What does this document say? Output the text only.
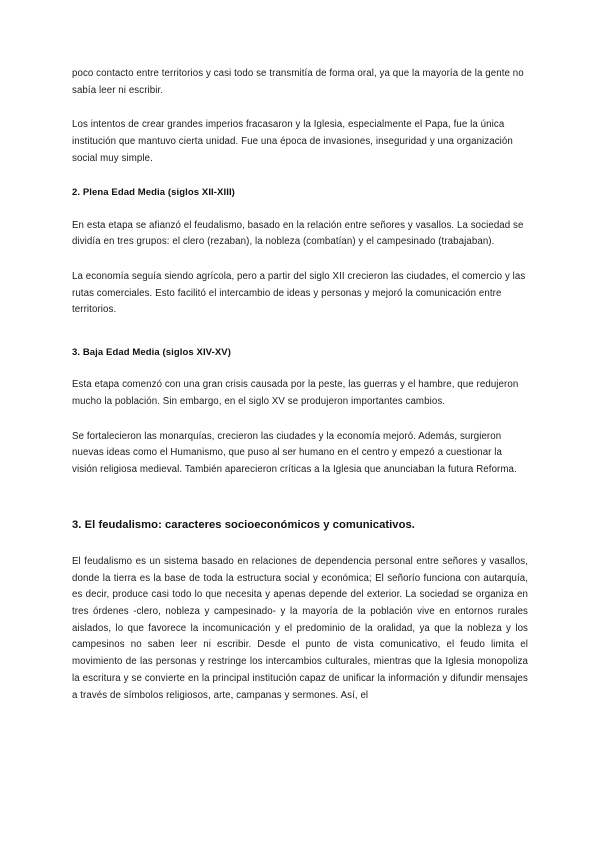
poco contacto entre territorios y casi todo se transmitía de forma oral, ya que la mayoría de la gente no sabía leer ni escribir.

Los intentos de crear grandes imperios fracasaron y la Iglesia, especialmente el Papa, fue la única institución que mantuvo cierta unidad. Fue una época de invasiones, inseguridad y una organización social muy simple.

2. Plena Edad Media (siglos XII-XIII)

En esta etapa se afianzó el feudalismo, basado en la relación entre señores y vasallos. La sociedad se dividía en tres grupos: el clero (rezaban), la nobleza (combatían) y el campesinado (trabajaban).

La economía seguía siendo agrícola, pero a partir del siglo XII crecieron las ciudades, el comercio y las rutas comerciales. Esto facilitó el intercambio de ideas y personas y mejoró la comunicación entre territorios.

3. Baja Edad Media (siglos XIV-XV)

Esta etapa comenzó con una gran crisis causada por la peste, las guerras y el hambre, que redujeron mucho la población. Sin embargo, en el siglo XV se produjeron importantes cambios.

Se fortalecieron las monarquías, crecieron las ciudades y la economía mejoró. Además, surgieron nuevas ideas como el Humanismo, que puso al ser humano en el centro y empezó a cuestionar la visión religiosa medieval. También aparecieron críticas a la Iglesia que anunciaban la futura Reforma.

3. El feudalismo: caracteres socioeconómicos y comunicativos.

El feudalismo es un sistema basado en relaciones de dependencia personal entre señores y vasallos, donde la tierra es la base de toda la estructura social y económica; El señorío funciona con autarquía, es decir, produce casi todo lo que necesita y apenas depende del exterior. La sociedad se organiza en tres órdenes -clero, nobleza y campesinado- y la mayoría de la población vive en entornos rurales aislados, lo que favorece la incomunicación y el predominio de la oralidad, ya que la nobleza y los campesinos no saben leer ni escribir. Desde el punto de vista comunicativo, el feudo limita el movimiento de las personas y restringe los intercambios culturales, mientras que la Iglesia monopoliza la escritura y se convierte en la principal institución capaz de unificar la información y difundir mensajes a través de símbolos religiosos, arte, campanas y sermones. Así, el
